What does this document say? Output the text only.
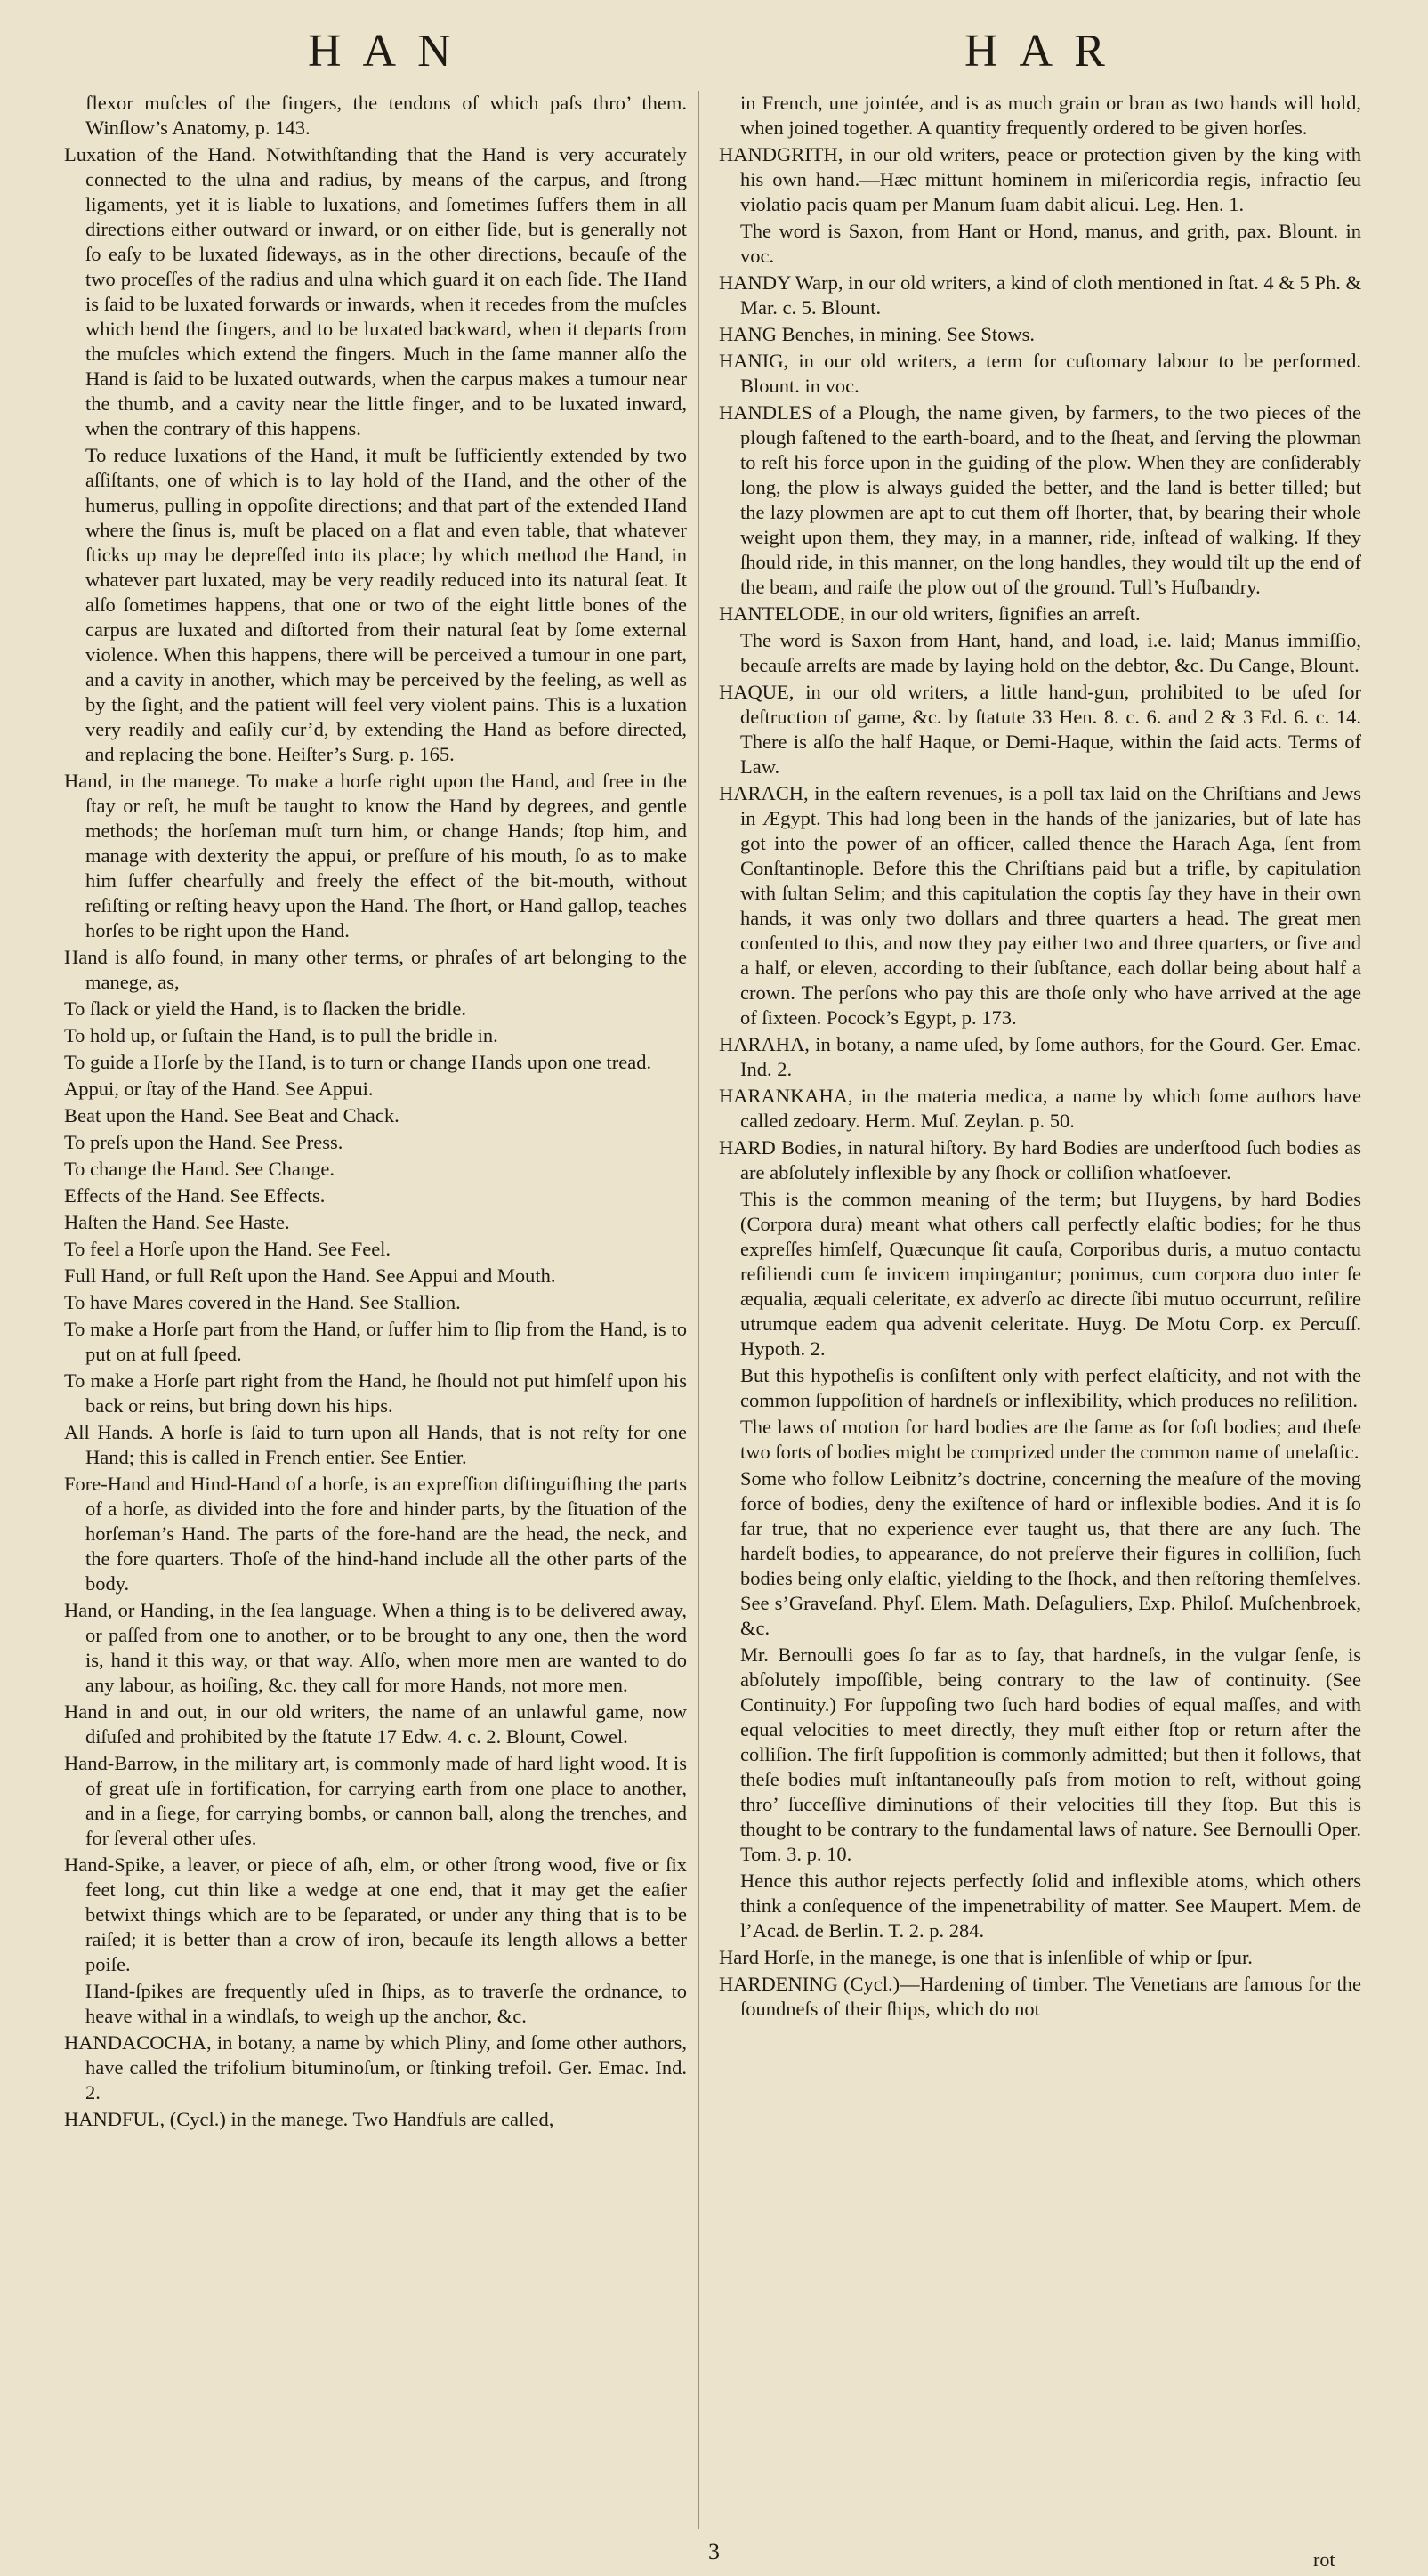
HAN	HAR

flexor muſcles of the fingers, the tendons of which paſs thro’ them. Winſlow’s Anatomy, p. 143.

Luxation of the Hand. Notwithſtanding that the Hand is very accurately connected to the ulna and radius, by means of the carpus, and ſtrong ligaments, yet it is liable to luxations, and ſometimes ſuffers them in all directions either outward or inward, or on either ſide, but is generally not ſo eaſy to be luxated ſideways, as in the other directions, becauſe of the two proceſſes of the radius and ulna which guard it on each ſide. The Hand is ſaid to be luxated forwards or inwards, when it recedes from the muſcles which bend the fingers, and to be luxated backward, when it departs from the muſcles which extend the fingers. Much in the ſame manner alſo the Hand is ſaid to be luxated outwards, when the carpus makes a tumour near the thumb, and a cavity near the little finger, and to be luxated inward, when the contrary of this happens.

To reduce luxations of the Hand, it muſt be ſufficiently extended by two aſſiſtants, one of which is to lay hold of the Hand, and the other of the humerus, pulling in oppoſite directions; and that part of the extended Hand where the ſinus is, muſt be placed on a flat and even table, that whatever ſticks up may be depreſſed into its place; by which method the Hand, in whatever part luxated, may be very readily reduced into its natural ſeat. It alſo ſometimes happens, that one or two of the eight little bones of the carpus are luxated and diſtorted from their natural ſeat by ſome external violence. When this happens, there will be perceived a tumour in one part, and a cavity in another, which may be perceived by the feeling, as well as by the ſight, and the patient will feel very violent pains. This is a luxation very readily and eaſily cur’d, by extending the Hand as before directed, and replacing the bone. Heiſter’s Surg. p. 165.

Hand, in the manege. To make a horſe right upon the Hand, and free in the ſtay or reſt, he muſt be taught to know the Hand by degrees, and gentle methods; the horſeman muſt turn him, or change Hands; ſtop him, and manage with dexterity the appui, or preſſure of his mouth, ſo as to make him ſuffer chearfully and freely the effect of the bit-mouth, without reſiſting or reſting heavy upon the Hand. The ſhort, or Hand gallop, teaches horſes to be right upon the Hand.

Hand is alſo found, in many other terms, or phraſes of art belonging to the manege, as,

To ſlack or yield the Hand, is to ſlacken the bridle.

To hold up, or ſuſtain the Hand, is to pull the bridle in.

To guide a Horſe by the Hand, is to turn or change Hands upon one tread.

Appui, or ſtay of the Hand. See Appui.

Beat upon the Hand. See Beat and Chack.

To preſs upon the Hand. See Press.

To change the Hand. See Change.

Effects of the Hand. See Effects.

Haſten the Hand. See Haste.

To feel a Horſe upon the Hand. See Feel.

Full Hand, or full Reſt upon the Hand. See Appui and Mouth.

To have Mares covered in the Hand. See Stallion.

To make a Horſe part from the Hand, or ſuffer him to ſlip from the Hand, is to put on at full ſpeed.

To make a Horſe part right from the Hand, he ſhould not put himſelf upon his back or reins, but bring down his hips.

All Hands. A horſe is ſaid to turn upon all Hands, that is not reſty for one Hand; this is called in French entier. See Entier.

Fore-Hand and Hind-Hand of a horſe, is an expreſſion diſtinguiſhing the parts of a horſe, as divided into the fore and hinder parts, by the ſituation of the horſeman’s Hand. The parts of the fore-hand are the head, the neck, and the fore quarters. Thoſe of the hind-hand include all the other parts of the body.

Hand, or Handing, in the ſea language. When a thing is to be delivered away, or paſſed from one to another, or to be brought to any one, then the word is, hand it this way, or that way. Alſo, when more men are wanted to do any labour, as hoiſing, &c. they call for more Hands, not more men.

Hand in and out, in our old writers, the name of an unlawful game, now diſuſed and prohibited by the ſtatute 17 Edw. 4. c. 2. Blount, Cowel.

Hand-Barrow, in the military art, is commonly made of hard light wood. It is of great uſe in fortification, for carrying earth from one place to another, and in a ſiege, for carrying bombs, or cannon ball, along the trenches, and for ſeveral other uſes.

Hand-Spike, a leaver, or piece of aſh, elm, or other ſtrong wood, five or ſix feet long, cut thin like a wedge at one end, that it may get the eaſier betwixt things which are to be ſeparated, or under any thing that is to be raiſed; it is better than a crow of iron, becauſe its length allows a better poiſe.

Hand-ſpikes are frequently uſed in ſhips, as to traverſe the ordnance, to heave withal in a windlaſs, to weigh up the anchor, &c.

HANDACOCHA, in botany, a name by which Pliny, and ſome other authors, have called the trifolium bituminoſum, or ſtinking trefoil. Ger. Emac. Ind. 2.

HANDFUL, (Cycl.) in the manege. Two Handfuls are called,

in French, une jointée, and is as much grain or bran as two hands will hold, when joined together. A quantity frequently ordered to be given horſes.

HANDGRITH, in our old writers, peace or protection given by the king with his own hand.—Hæc mittunt hominem in miſericordia regis, infractio ſeu violatio pacis quam per Manum ſuam dabit alicui. Leg. Hen. 1.

The word is Saxon, from Hant or Hond, manus, and grith, pax. Blount. in voc.

HANDY Warp, in our old writers, a kind of cloth mentioned in ſtat. 4 & 5 Ph. & Mar. c. 5. Blount.

HANG Benches, in mining. See Stows.

HANIG, in our old writers, a term for cuſtomary labour to be performed. Blount. in voc.

HANDLES of a Plough, the name given, by farmers, to the two pieces of the plough faſtened to the earth-board, and to the ſheat, and ſerving the plowman to reſt his force upon in the guiding of the plow. When they are conſiderably long, the plow is always guided the better, and the land is better tilled; but the lazy plowmen are apt to cut them off ſhorter, that, by bearing their whole weight upon them, they may, in a manner, ride, inſtead of walking. If they ſhould ride, in this manner, on the long handles, they would tilt up the end of the beam, and raiſe the plow out of the ground. Tull’s Huſbandry.

HANTELODE, in our old writers, ſignifies an arreſt.

The word is Saxon from Hant, hand, and load, i.e. laid; Manus immiſſio, becauſe arreſts are made by laying hold on the debtor, &c. Du Cange, Blount.

HAQUE, in our old writers, a little hand-gun, prohibited to be uſed for deſtruction of game, &c. by ſtatute 33 Hen. 8. c. 6. and 2 & 3 Ed. 6. c. 14. There is alſo the half Haque, or Demi-Haque, within the ſaid acts. Terms of Law.

HARACH, in the eaſtern revenues, is a poll tax laid on the Chriſtians and Jews in Ægypt. This had long been in the hands of the janizaries, but of late has got into the power of an officer, called thence the Harach Aga, ſent from Conſtantinople. Before this the Chriſtians paid but a trifle, by capitulation with ſultan Selim; and this capitulation the coptis ſay they have in their own hands, it was only two dollars and three quarters a head. The great men conſented to this, and now they pay either two and three quarters, or five and a half, or eleven, according to their ſubſtance, each dollar being about half a crown. The perſons who pay this are thoſe only who have arrived at the age of ſixteen. Pocock’s Egypt, p. 173.

HARAHA, in botany, a name uſed, by ſome authors, for the Gourd. Ger. Emac. Ind. 2.

HARANKAHA, in the materia medica, a name by which ſome authors have called zedoary. Herm. Muſ. Zeylan. p. 50.

HARD Bodies, in natural hiſtory. By hard Bodies are underſtood ſuch bodies as are abſolutely inflexible by any ſhock or colliſion whatſoever.

This is the common meaning of the term; but Huygens, by hard Bodies (Corpora dura) meant what others call perfectly elaſtic bodies; for he thus expreſſes himſelf, Quæcunque ſit cauſa, Corporibus duris, a mutuo contactu reſiliendi cum ſe invicem impingantur; ponimus, cum corpora duo inter ſe æqualia, æquali celeritate, ex adverſo ac directe ſibi mutuo occurrunt, reſilire utrumque eadem qua advenit celeritate. Huyg. De Motu Corp. ex Percuſſ. Hypoth. 2.

But this hypotheſis is conſiſtent only with perfect elaſticity, and not with the common ſuppoſition of hardneſs or inflexibility, which produces no reſilition.

The laws of motion for hard bodies are the ſame as for ſoft bodies; and theſe two ſorts of bodies might be comprized under the common name of unelaſtic.

Some who follow Leibnitz’s doctrine, concerning the meaſure of the moving force of bodies, deny the exiſtence of hard or inflexible bodies. And it is ſo far true, that no experience ever taught us, that there are any ſuch. The hardeſt bodies, to appearance, do not preſerve their figures in colliſion, ſuch bodies being only elaſtic, yielding to the ſhock, and then reſtoring themſelves. See s’Graveſand. Phyſ. Elem. Math. Deſaguliers, Exp. Philoſ. Muſchenbroek, &c.

Mr. Bernoulli goes ſo far as to ſay, that hardneſs, in the vulgar ſenſe, is abſolutely impoſſible, being contrary to the law of continuity. (See Continuity.) For ſuppoſing two ſuch hard bodies of equal maſſes, and with equal velocities to meet directly, they muſt either ſtop or return after the colliſion. The firſt ſuppoſition is commonly admitted; but then it follows, that theſe bodies muſt inſtantaneouſly paſs from motion to reſt, without going thro’ ſucceſſive diminutions of their velocities till they ſtop. But this is thought to be contrary to the fundamental laws of nature. See Bernoulli Oper. Tom. 3. p. 10.

Hence this author rejects perfectly ſolid and inflexible atoms, which others think a conſequence of the impenetrability of matter. See Maupert. Mem. de l’Acad. de Berlin. T. 2. p. 284.

Hard Horſe, in the manege, is one that is inſenſible of whip or ſpur.

HARDENING (Cycl.)—Hardening of timber. The Venetians are famous for the ſoundneſs of their ſhips, which do not

3	rot
